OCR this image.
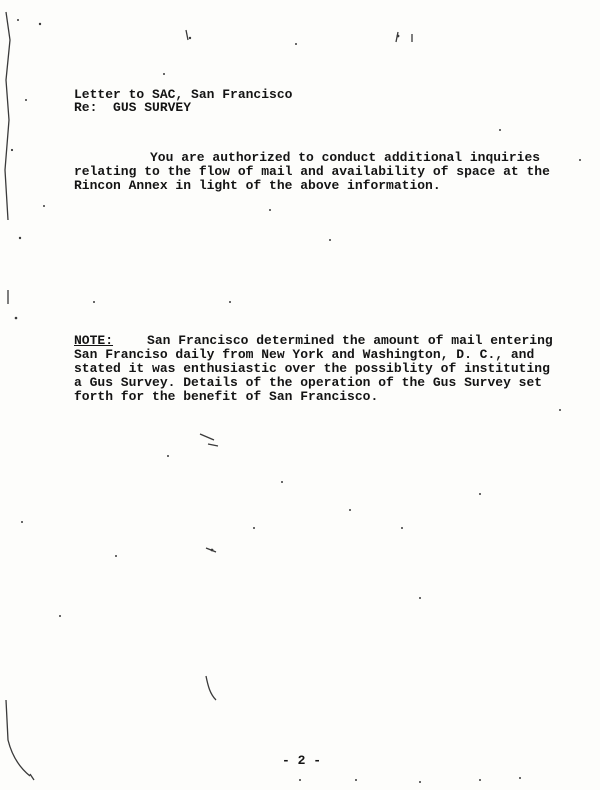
Letter to SAC, San Francisco
Re: GUS SURVEY
You are authorized to conduct additional inquiries
relating to the flow of mail and availability of space at the
Rincon Annex in light of the above information.
NOTE:	San Francisco determined the amount of mail entering
San Franciso daily from New York and Washington, D. C., and
stated it was enthusiastic over the possiblity of instituting
a Gus Survey. Details of the operation of the Gus Survey set
forth for the benefit of San Francisco.
- 2 -
